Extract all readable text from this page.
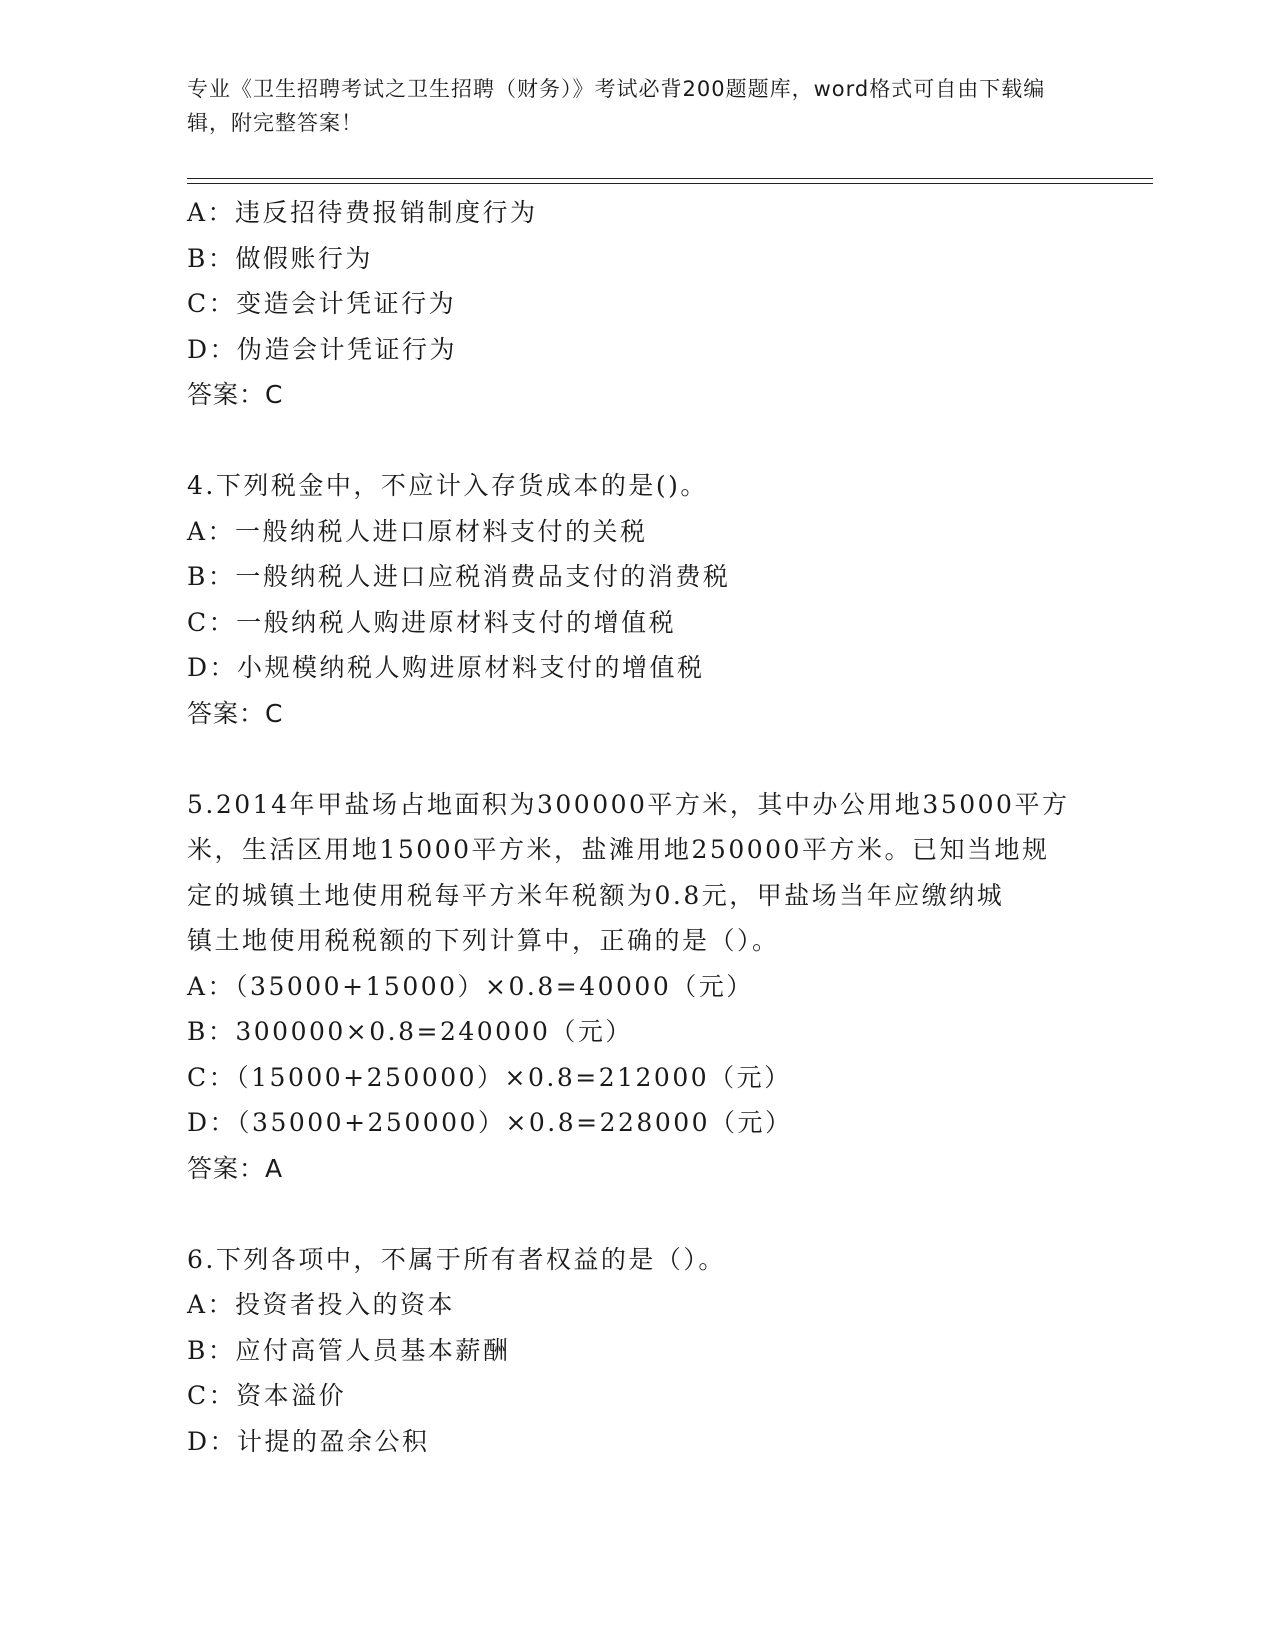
专业《卫生招聘考试之卫生招聘（财务）》考试必背200题题库，word格式可自由下载编辑，附完整答案！
A：违反招待费报销制度行为
B：做假账行为
C：变造会计凭证行为
D：伪造会计凭证行为
答案：C
4.下列税金中，不应计入存货成本的是()。
A：一般纳税人进口原材料支付的关税
B：一般纳税人进口应税消费品支付的消费税
C：一般纳税人购进原材料支付的增值税
D：小规模纳税人购进原材料支付的增值税
答案：C
5.2014年甲盐场占地面积为300000平方米，其中办公用地35000平方
米，生活区用地15000平方米，盐滩用地250000平方米。已知当地规
定的城镇土地使用税每平方米年税额为0.8元，甲盐场当年应缴纳城
镇土地使用税税额的下列计算中，正确的是（）。
A：（35000+15000）×0.8=40000（元）
B：300000×0.8=240000（元）
C：（15000+250000）×0.8=212000（元）
D：（35000+250000）×0.8=228000（元）
答案：A
6.下列各项中，不属于所有者权益的是（）。
A：投资者投入的资本
B：应付高管人员基本薪酬
C：资本溢价
D：计提的盈余公积
